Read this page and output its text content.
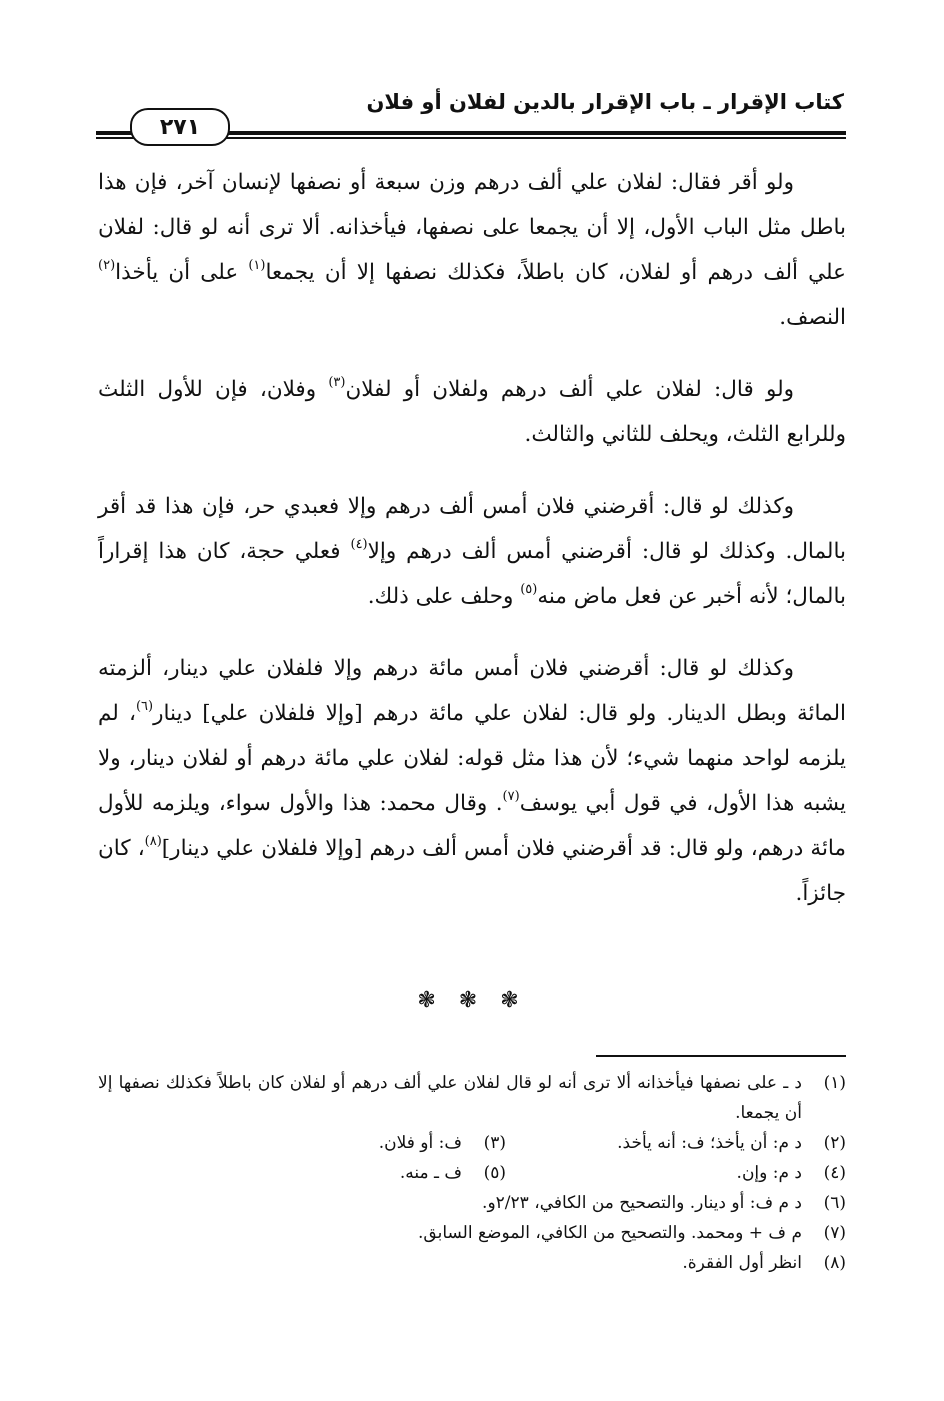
كتاب الإقرار ـ باب الإقرار بالدين لفلان أو فلان
٢٧١

ولو أقر فقال: لفلان علي ألف درهم وزن سبعة أو نصفها لإنسان آخر، فإن هذا باطل مثل الباب الأول، إلا أن يجمعا على نصفها، فيأخذانه. ألا ترى أنه لو قال: لفلان علي ألف درهم أو لفلان، كان باطلاً، فكذلك نصفها إلا أن يجمعا$^{(١)}$ على أن يأخذا$^{(٢)}$ النصف.

ولو قال: لفلان علي ألف درهم ولفلان أو لفلان$^{(٣)}$ وفلان، فإن للأول الثلث وللرابع الثلث، ويحلف للثاني والثالث.

وكذلك لو قال: أقرضني فلان أمس ألف درهم وإلا فعبدي حر، فإن هذا قد أقر بالمال. وكذلك لو قال: أقرضني أمس ألف درهم وإلا$^{(٤)}$ فعلي حجة، كان هذا إقراراً بالمال؛ لأنه أخبر عن فعل ماض منه$^{(٥)}$ وحلف على ذلك.

وكذلك لو قال: أقرضني فلان أمس مائة درهم وإلا فلفلان علي دينار، ألزمته المائة وبطل الدينار. ولو قال: لفلان علي مائة درهم [وإلا فلفلان علي] دينار$^{(٦)}$، لم يلزمه لواحد منهما شيء؛ لأن هذا مثل قوله: لفلان علي مائة درهم أو لفلان دينار، ولا يشبه هذا الأول، في قول أبي يوسف$^{(٧)}$. وقال محمد: هذا والأول سواء، ويلزمه للأول مائة درهم، ولو قال: قد أقرضني فلان أمس ألف درهم [وإلا فلفلان علي دينار]$^{(٨)}$، كان جائزاً.

❃ ❃ ❃
(١)
د ـ على نصفها فيأخذانه ألا ترى أنه لو قال لفلان علي ألف درهم أو لفلان كان باطلاً فكذلك نصفها إلا أن يجمعا.
(٢)
د م: أن يأخذ؛ ف: أنه يأخذ.
(٣)
ف: أو فلان.
(٤)
د م: وإن.
(٥)
ف ـ منه.
(٦)
د م ف: أو دينار. والتصحيح من الكافي، ٢/٢٣و.
(٧)
م ف + ومحمد. والتصحيح من الكافي، الموضع السابق.
(٨)
انظر أول الفقرة.
